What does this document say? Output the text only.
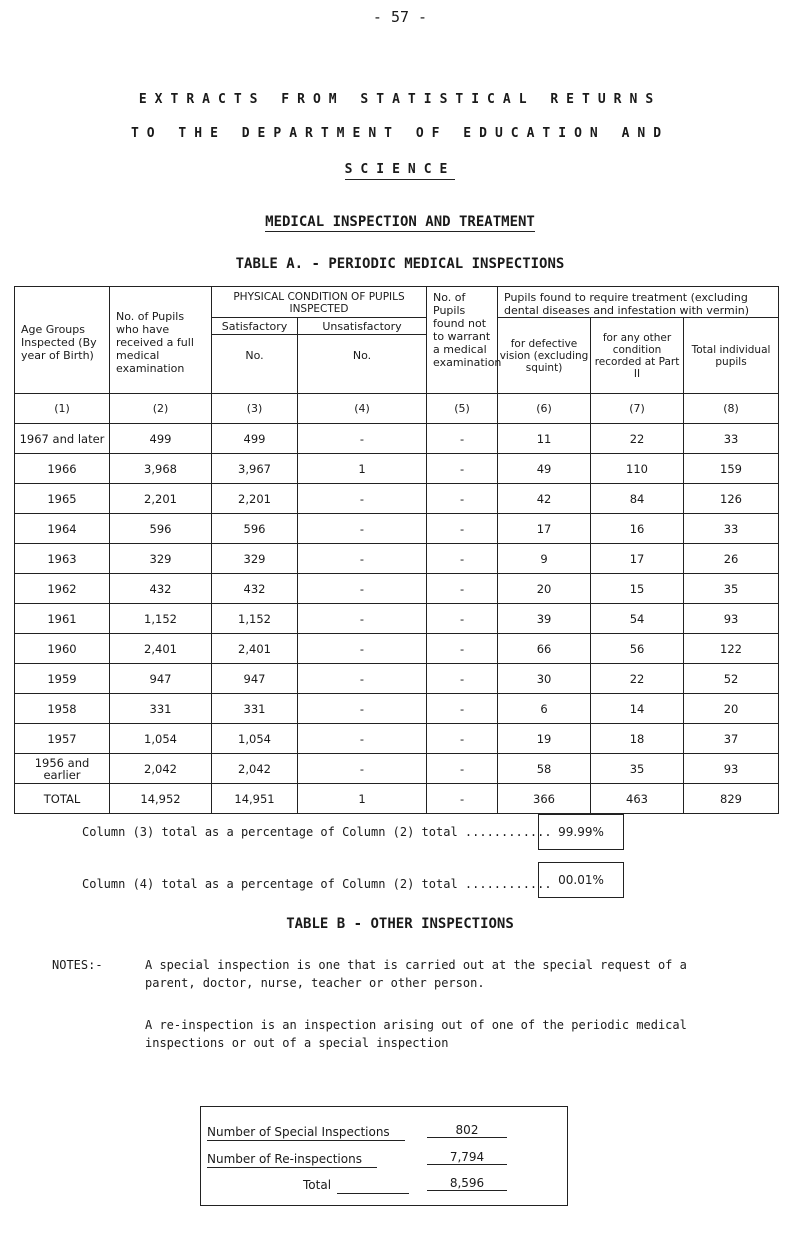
- 57 -
EXTRACTS FROM STATISTICAL RETURNS
TO THE DEPARTMENT OF EDUCATION AND
SCIENCE
MEDICAL INSPECTION AND TREATMENT
TABLE A. - PERIODIC MEDICAL INSPECTIONS
Age Groups Inspected (By year of Birth)	No. of Pupils who have received a full medical examination	PHYSICAL CONDITION OF PUPILS INSPECTED		No. of Pupils found not to warrant a medical examination	Pupils found to require treatment (excluding dental diseases and infestation with vermin)		
		Satisfactory	Unsatisfactory		for defective vision (excluding squint)	for any other condition recorded at Part II	Total individual pupils
		No.	No.				
(1)	(2)	(3)	(4)	(5)	(6)	(7)	(8)
1967 and later	499	499	-	-	11	22	33
1966	3,968	3,967	1	-	49	110	159
1965	2,201	2,201	-	-	42	84	126
1964	596	596	-	-	17	16	33
1963	329	329	-	-	9	17	26
1962	432	432	-	-	20	15	35
1961	1,152	1,152	-	-	39	54	93
1960	2,401	2,401	-	-	66	56	122
1959	947	947	-	-	30	22	52
1958	331	331	-	-	6	14	20
1957	1,054	1,054	-	-	19	18	37
1956 and earlier	2,042	2,042	-	-	58	35	93
TOTAL	14,952	14,951	1	-	366	463	829
Column (3) total as a percentage of Column (2) total ............ 99.99%
Column (4) total as a percentage of Column (2) total ............ 00.01%
TABLE B - OTHER INSPECTIONS
NOTES:-	A special inspection is one that is carried out at the special request of a
parent, doctor, nurse, teacher or other person.
A re-inspection is an inspection arising out of one of the periodic medical
inspections or out of a special inspection
Number of Special Inspections	802
Number of Re-inspections	7,794
Total	8,596
